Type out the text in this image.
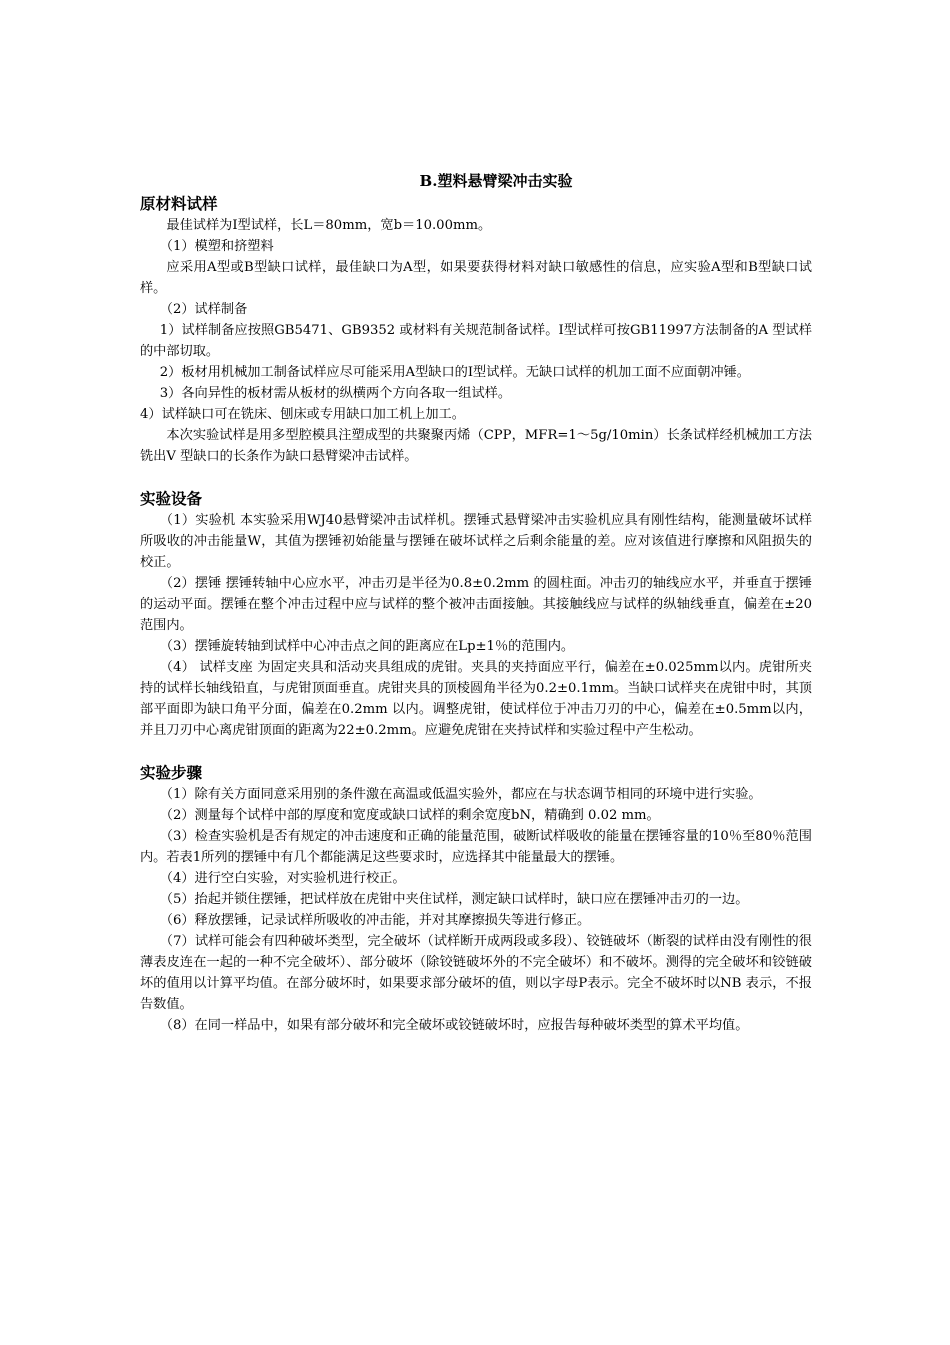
B.塑料悬臂梁冲击实验
原材料试样

最佳试样为Ⅰ型试样，长L＝80mm，宽b＝10.00mm。

（1）模塑和挤塑料

应采用A型或B型缺口试样，最佳缺口为A型，如果要获得材料对缺口敏感性的信息，应实验A型和B型缺口试样。

（2）试样制备

1）试样制备应按照GB5471、GB9352 或材料有关规范制备试样。Ⅰ型试样可按GB11997方法制备的A 型试样的中部切取。

2）板材用机械加工制备试样应尽可能采用A型缺口的Ⅰ型试样。无缺口试样的机加工面不应面朝冲锤。

3）各向异性的板材需从板材的纵横两个方向各取一组试样。

4）试样缺口可在铣床、刨床或专用缺口加工机上加工。

本次实验试样是用多型腔模具注塑成型的共聚聚丙烯（CPP，MFR=1～5g/10min）长条试样经机械加工方法铣出V 型缺口的长条作为缺口悬臂梁冲击试样。

实验设备

（1）实验机 本实验采用WJ40悬臂梁冲击试样机。摆锤式悬臂梁冲击实验机应具有刚性结构，能测量破坏试样所吸收的冲击能量W，其值为摆锤初始能量与摆锤在破坏试样之后剩余能量的差。应对该值进行摩擦和风阻损失的校正。

（2）摆锤 摆锤转轴中心应水平，冲击刃是半径为0.8±0.2mm 的圆柱面。冲击刃的轴线应水平，并垂直于摆锤的运动平面。摆锤在整个冲击过程中应与试样的整个被冲击面接触。其接触线应与试样的纵轴线垂直，偏差在±20范围内。

（3）摆锤旋转轴到试样中心冲击点之间的距离应在Lp±1％的范围内。

（4） 试样支座 为固定夹具和活动夹具组成的虎钳。夹具的夹持面应平行，偏差在±0.025mm以内。虎钳所夹持的试样长轴线铅直，与虎钳顶面垂直。虎钳夹具的顶棱圆角半径为0.2±0.1mm。当缺口试样夹在虎钳中时，其顶部平面即为缺口角平分面，偏差在0.2mm 以内。调整虎钳，使试样位于冲击刀刃的中心，偏差在±0.5mm以内，并且刀刃中心离虎钳顶面的距离为22±0.2mm。应避免虎钳在夹持试样和实验过程中产生松动。

实验步骤

（1）除有关方面同意采用别的条件激在高温或低温实验外，都应在与状态调节相同的环境中进行实验。

（2）测量每个试样中部的厚度和宽度或缺口试样的剩余宽度bN，精确到 0.02 mm。

（3）检查实验机是否有规定的冲击速度和正确的能量范围，破断试样吸收的能量在摆锤容量的10％至80％范围内。若表1所列的摆锤中有几个都能满足这些要求时，应选择其中能量最大的摆锤。

（4）进行空白实验，对实验机进行校正。

（5）抬起并锁住摆锤，把试样放在虎钳中夹住试样，测定缺口试样时，缺口应在摆锤冲击刃的一边。

（6）释放摆锤，记录试样所吸收的冲击能，并对其摩擦损失等进行修正。

（7）试样可能会有四种破坏类型，完全破坏（试样断开成两段或多段）、铰链破坏（断裂的试样由没有刚性的很薄表皮连在一起的一种不完全破坏）、部分破坏（除铰链破坏外的不完全破坏）和不破坏。测得的完全破坏和铰链破坏的值用以计算平均值。在部分破坏时，如果要求部分破坏的值，则以字母P表示。完全不破坏时以NB 表示，不报告数值。

（8）在同一样品中，如果有部分破坏和完全破坏或铰链破坏时，应报告每种破坏类型的算术平均值。
